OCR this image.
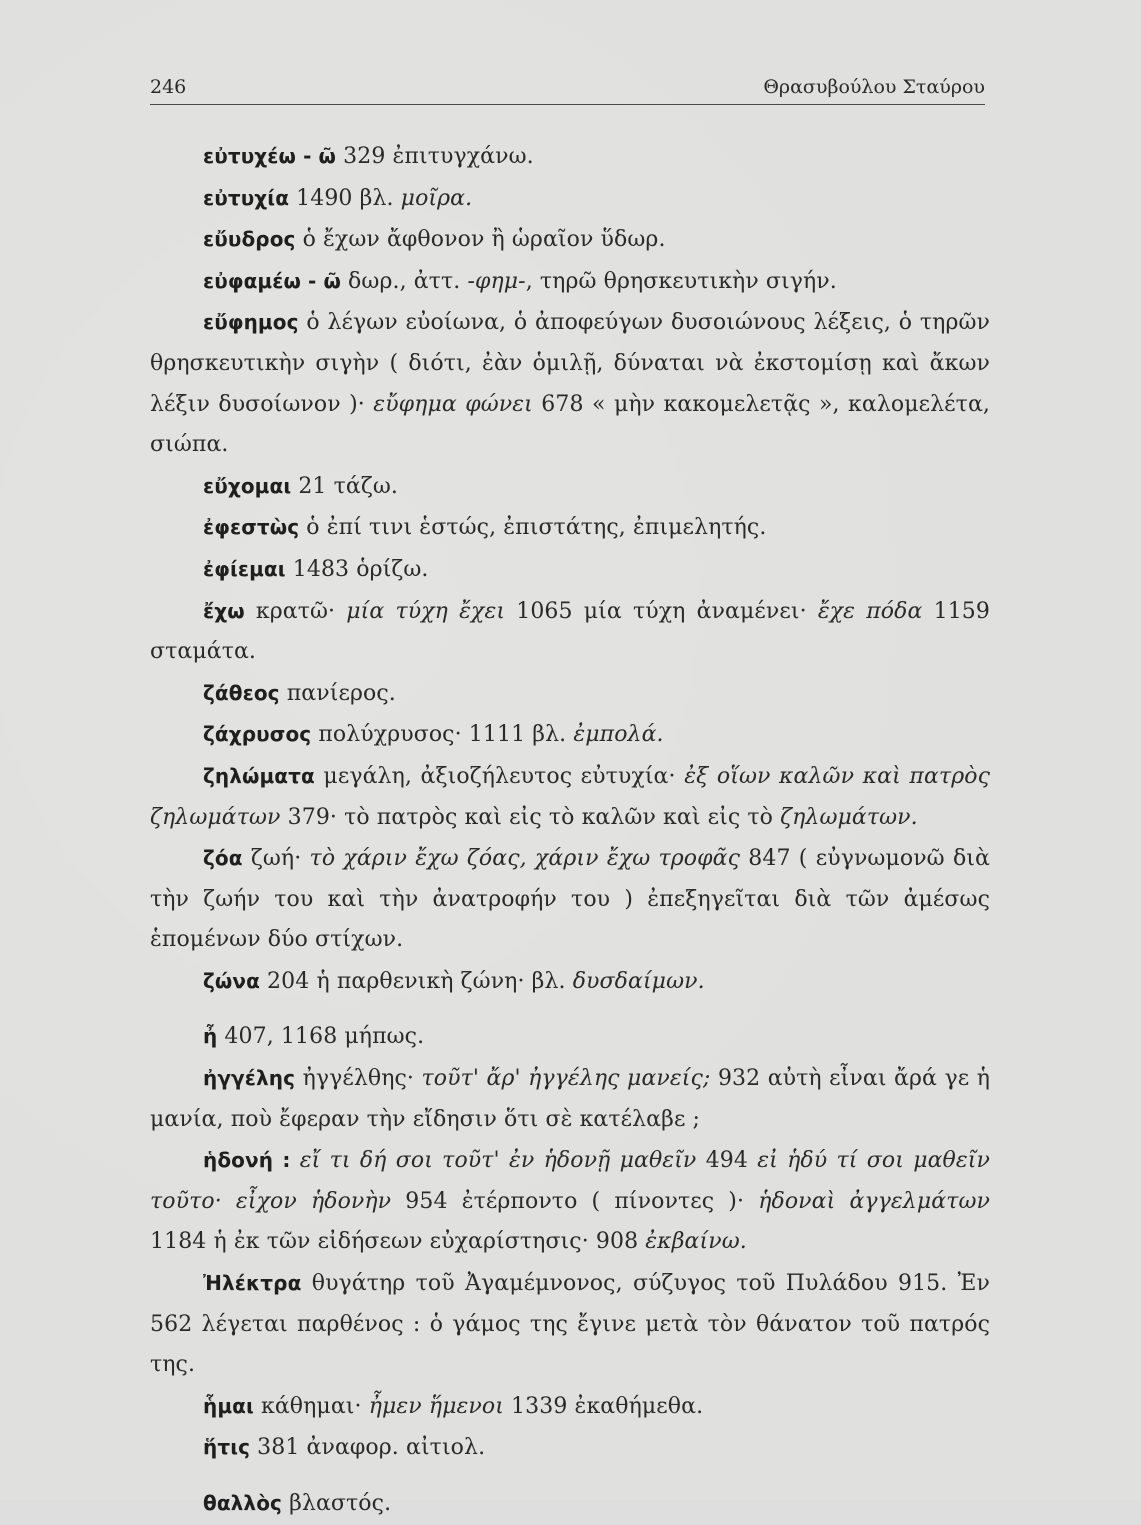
246	Θρασυβούλου Σταύρου

εὐτυχέω - ῶ 329 ἐπιτυγχάνω.

εὐτυχία 1490 βλ. μοῖρα.

εὔυδρος ὁ ἔχων ἄφθονον ἢ ὡραῖον ὕδωρ.

εὐφαμέω - ῶ δωρ., ἀττ. -φημ-, τηρῶ θρησκευτικὴν σιγήν.

εὔφημος ὁ λέγων εὐοίωνα, ὁ ἀποφεύγων δυσοιώνους λέξεις, ὁ τηρῶν θρησκευτικὴν σιγὴν ( διότι, ἐὰν ὁμιλῇ, δύναται νὰ ἐκστομίσῃ καὶ ἄκων λέξιν δυσοίωνον )· εὔφημα φώνει 678 « μὴν κακομελετᾷς », καλομελέτα, σιώπα.

εὔχομαι 21 τάζω.

ἐφεστὼς ὁ ἐπί τινι ἑστώς, ἐπιστάτης, ἐπιμελητής.

ἐφίεμαι 1483 ὁρίζω.

ἔχω κρατῶ· μία τύχη ἔχει 1065 μία τύχη ἀναμένει· ἔχε πόδα 1159 σταμάτα.

ζάθεος πανίερος.

ζάχρυσος πολύχρυσος· 1111 βλ. ἐμπολά.

ζηλώματα μεγάλη, ἀξιοζήλευτος εὐτυχία· ἐξ οἵων καλῶν καὶ πατρὸς ζηλωμάτων 379· τὸ πατρὸς καὶ εἰς τὸ καλῶν καὶ εἰς τὸ ζηλωμάτων.

ζόα ζωή· τὸ χάριν ἔχω ζόας, χάριν ἔχω τροφᾶς 847 ( εὐγνωμονῶ διὰ τὴν ζωήν του καὶ τὴν ἀνατροφήν του ) ἐπεξηγεῖται διὰ τῶν ἀμέσως ἑπομένων δύο στίχων.

ζώνα 204 ἡ παρθενικὴ ζώνη· βλ. δυσδαίμων.

ἦ 407, 1168 μήπως.

ἠγγέλης ἠγγέλθης· τοῦτ' ἄρ' ἠγγέλης μανείς; 932 αὐτὴ εἶναι ἄρά γε ἡ μανία, ποὺ ἔφεραν τὴν εἴδησιν ὅτι σὲ κατέλαβε ;

ἡδονή : εἴ τι δή σοι τοῦτ' ἐν ἡδονῇ μαθεῖν 494 εἰ ἡδύ τί σοι μαθεῖν τοῦτο· εἶχον ἡδονὴν 954 ἐτέρποντο ( πίνοντες )· ἡδοναὶ ἀγγελμάτων 1184 ἡ ἐκ τῶν εἰδήσεων εὐχαρίστησις· 908 ἐκβαίνω.

Ἠλέκτρα θυγάτηρ τοῦ Ἀγαμέμνονος, σύζυγος τοῦ Πυλάδου 915. Ἐν 562 λέγεται παρθένος : ὁ γάμος της ἔγινε μετὰ τὸν θάνατον τοῦ πατρός της.

ἧμαι κάθημαι· ἦμεν ἥμενοι 1339 ἐκαθήμεθα.

ἥτις 381 ἀναφορ. αἰτιολ.

θαλλὸς βλαστός.
